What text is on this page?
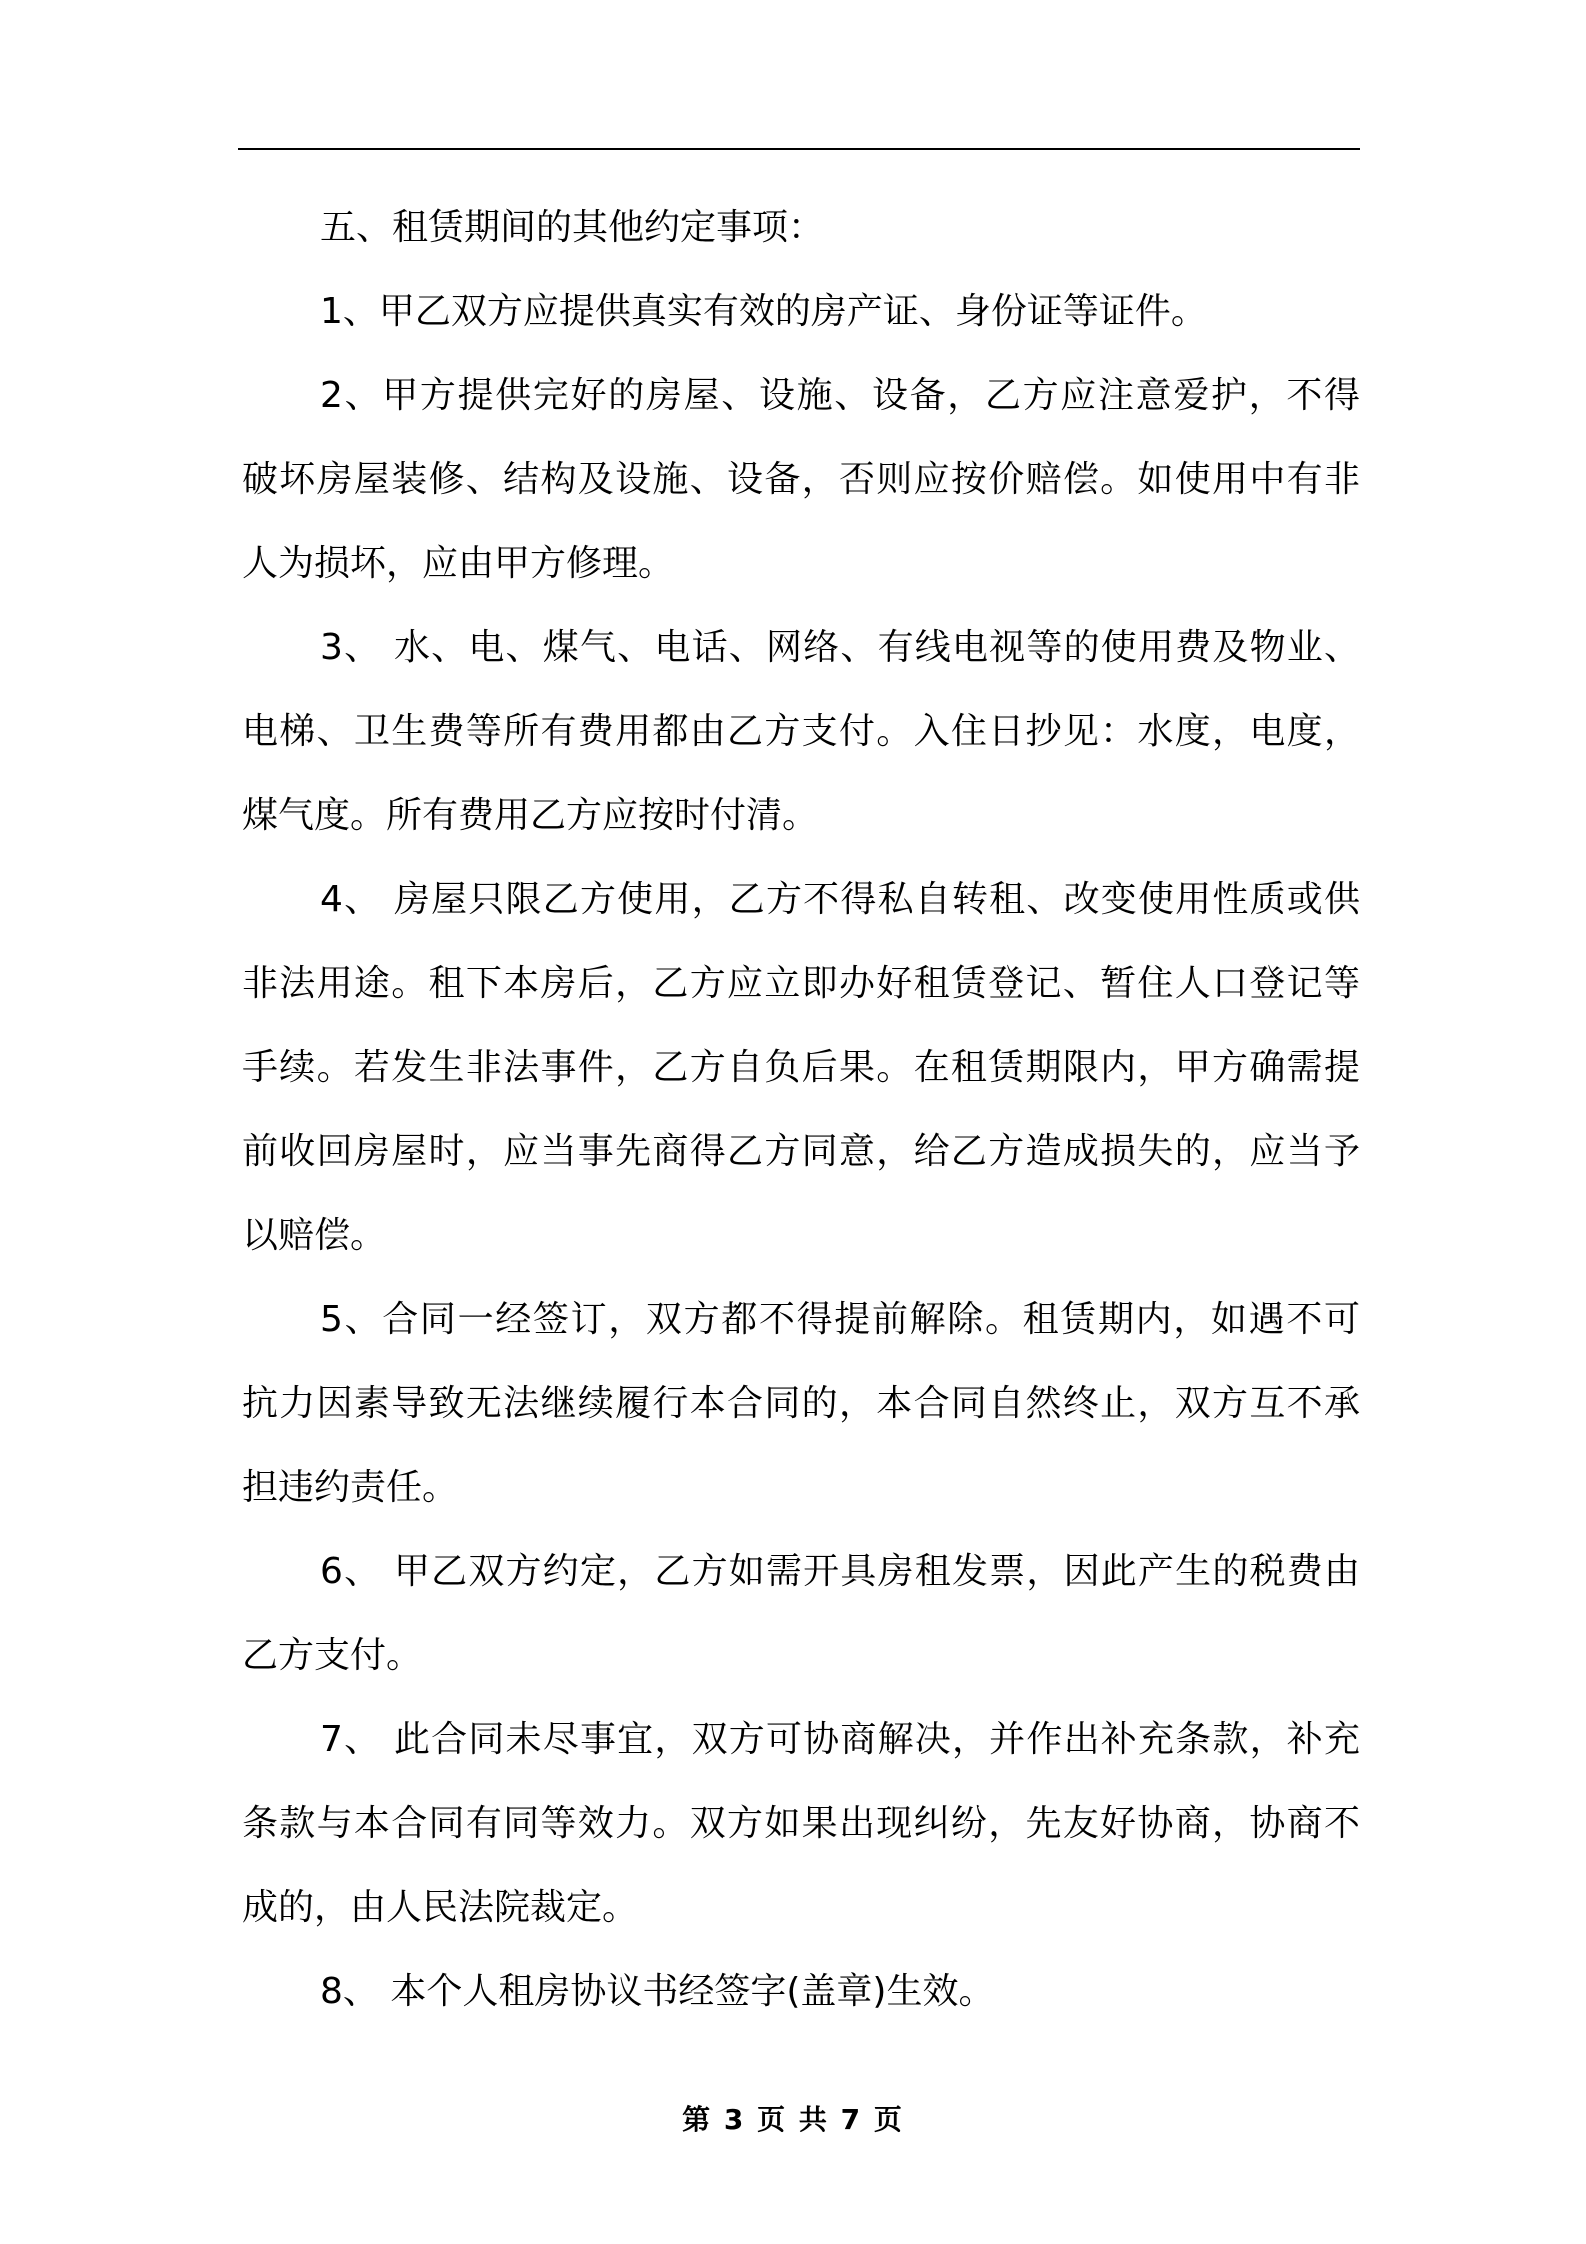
五、租赁期间的其他约定事项：
1、甲乙双方应提供真实有效的房产证、身份证等证件。
2、甲方提供完好的房屋、设施、设备，乙方应注意爱护，不得
破坏房屋装修、结构及设施、设备，否则应按价赔偿。如使用中有非
人为损坏，应由甲方修理。
3、 水、电、煤气、电话、网络、有线电视等的使用费及物业、
电梯、卫生费等所有费用都由乙方支付。入住日抄见：水度，电度，
煤气度。所有费用乙方应按时付清。
4、 房屋只限乙方使用，乙方不得私自转租、改变使用性质或供
非法用途。租下本房后，乙方应立即办好租赁登记、暂住人口登记等
手续。若发生非法事件，乙方自负后果。在租赁期限内，甲方确需提
前收回房屋时，应当事先商得乙方同意，给乙方造成损失的，应当予
以赔偿。
5、合同一经签订，双方都不得提前解除。租赁期内，如遇不可
抗力因素导致无法继续履行本合同的，本合同自然终止，双方互不承
担违约责任。
6、 甲乙双方约定，乙方如需开具房租发票，因此产生的税费由
乙方支付。
7、 此合同未尽事宜，双方可协商解决，并作出补充条款，补充
条款与本合同有同等效力。双方如果出现纠纷，先友好协商，协商不
成的，由人民法院裁定。
8、 本个人租房协议书经签字(盖章)生效。
第 3 页 共 7 页
